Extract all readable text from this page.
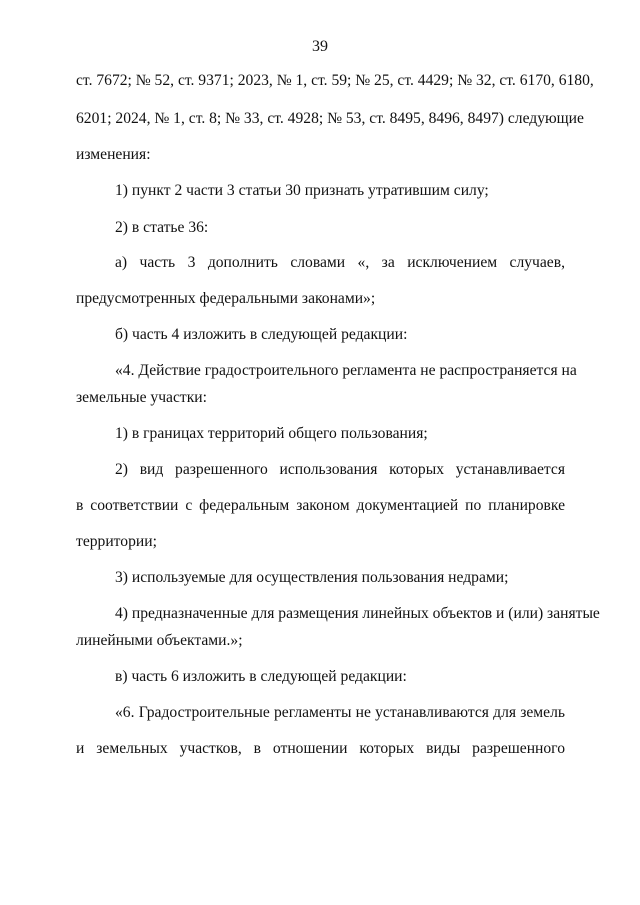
39
ст. 7672; № 52, ст. 9371; 2023, № 1, ст. 59; № 25, ст. 4429; № 32, ст. 6170, 6180,
6201; 2024, № 1, ст. 8; № 33, ст. 4928; № 53, ст. 8495, 8496, 8497) следующие
изменения:
1) пункт 2 части 3 статьи 30 признать утратившим силу;
2) в статье 36:
а) часть 3 дополнить словами «, за исключением случаев,
предусмотренных федеральными законами»;
б) часть 4 изложить в следующей редакции:
«4. Действие градостроительного регламента не распространяется на
земельные участки:
1) в границах территорий общего пользования;
2) вид разрешенного использования которых устанавливается
в соответствии с федеральным законом документацией по планировке
территории;
3) используемые для осуществления пользования недрами;
4) предназначенные для размещения линейных объектов и (или) занятые
линейными объектами.»;
в) часть 6 изложить в следующей редакции:
«6. Градостроительные регламенты не устанавливаются для земель
и земельных участков, в отношении которых виды разрешенного
